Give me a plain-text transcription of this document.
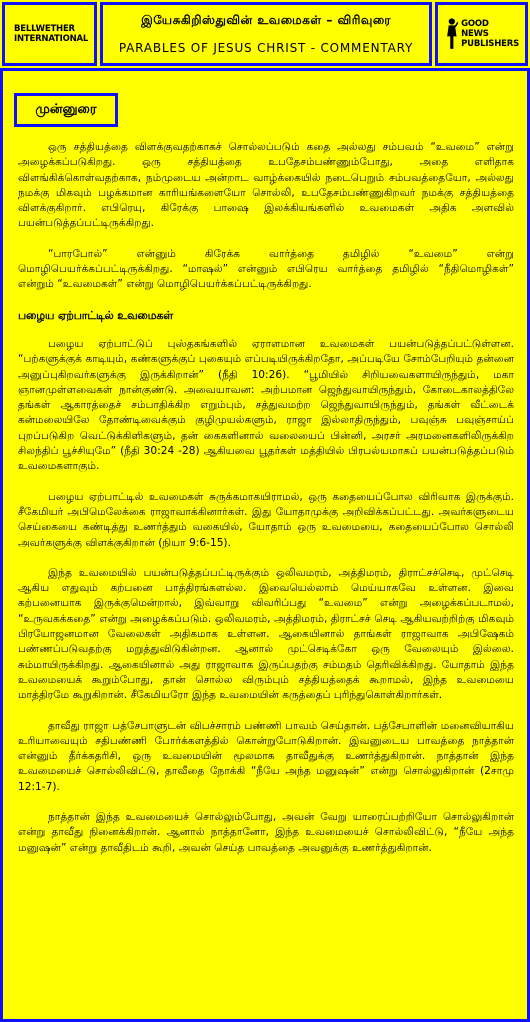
BELLWETHER
INTERNATIONAL
இயேசுகிறிஸ்துவின் உவமைகள் – விரிவுரை
PARABLES OF JESUS CHRIST - COMMENTARY
GOOD NEWS
PUBLISHERS
முன்னுரை

ஒரு சத்தியத்தை விளக்குவதற்காகச் சொல்லப்படும் கதை அல்லது சம்பவம் “உவமை” என்று அழைக்கப்படுகிறது. ஒரு சத்தியத்தை உபதேசம்பண்ணும்போது, அதை எளிதாக விளங்கிக்கொள்வதற்காக, நம்முடைய அன்றாட வாழ்க்கையில் நடைபெறும் சம்பவத்தையோ, அல்லது நமக்கு மிகவும் பழக்கமான காரியங்களையோ சொல்லி, உபதேசம்பண்ணுகிறவர் நமக்கு சத்தியத்தை விளக்குகிறார். எபிரெயு, கிரேக்கு பாஷை இலக்கியங்களில் உவமைகள் அதிக அளவில் பயன்படுத்தப்பட்டிருக்கிறது.

“பாரபோல்” என்னும் கிரேக்க வார்த்தை தமிழில் “உவமை” என்று மொழிபெயர்க்கப்பட்டிருக்கிறது. “மாஷல்” என்னும் எபிரெய வார்த்தை தமிழில் “நீதிமொழிகள்” என்றும் “உவமைகள்” என்று மொழிபெயர்க்கப்பட்டிருக்கிறது.

பழைய ஏற்பாட்டில் உவமைகள்

பழைய ஏற்பாட்டுப் புஸ்தகங்களில் ஏராளமான உவமைகள் பயன்படுத்தப்பட்டுள்ளன. “பற்களுக்குக் காடியும், கண்களுக்குப் புகையும் எப்படியிருக்கிறதோ, அப்படியே சோம்பேறியும் தன்னை அனுப்புகிறவர்களுக்கு இருக்கிறான்” (நீதி 10:26). “பூமியில் சிறியவைகளாயிருந்தும், மகா ஞானமுள்ளவைகள் நான்குண்டு. அவையாவன: அற்பமான ஜெந்துவாயிருந்தும், கோடைகாலத்திலே தங்கள் ஆகாரத்தைச் சம்பாதிக்கிற எறும்பும், சத்துவமற்ற ஜெந்துவாயிருந்தும், தங்கள் வீட்டைக் கன்மலையிலே தோண்டிவைக்கும் குழிமுயல்களும், ராஜா இல்லாதிருந்தும், பவுஞ்சு பவுஞ்சாய்ப் புறப்படுகிற வெட்டுக்கிளிகளும், தன் கைகளினால் வலையைப் பின்னி, அரசர் அரமனைகளிலிருக்கிற சிலந்திப் பூச்சியுமே” (நீதி 30:24 -28) ஆகியவை பூதர்கள் மத்தியில் பிரபல்யமாகப் பயன்படுத்தப்படும் உவமைகளாகும்.

பழைய ஏற்பாட்டில் உவமைகள் சுருக்கமாகயிராமல், ஒரு கதையைப்போல விரிவாக இருக்கும். சீகேமியர் அபிமெலேக்கை ராஜாவாக்கினார்கள். இது யோதாமுக்கு அறிவிக்கப்பட்டது. அவர்களுடைய செய்கையை கண்டித்து உணர்த்தும் வகையில், யோதாம் ஒரு உவமையை, கதையைப்போல சொல்லி அவர்களுக்கு விளக்குகிறான் (நியா 9:6-15).

இந்த உவமையில் பயன்படுத்தப்பட்டிருக்கும் ஒலிவமரம், அத்திமரம், திராட்சச்செடி, முட்செடி ஆகிய எதுவும் கற்பனை பாத்திரங்களல்ல. இவையெல்லாம் மெய்யாகவே உள்ளன. இவை கற்பனையாக இருக்குமென்றால், இவ்வாறு விவரிப்பது “உவமை” என்று அழைக்கப்படாமல், “உருவகக்கதை” என்று அழைக்கப்படும். ஒலிவமரம், அத்திமரம், திராட்சச் செடி ஆகியவற்றிற்கு மிகவும் பிரயோஜனமான வேலைகள் அதிகமாக உள்ளன. ஆகையினால் தாங்கள் ராஜாவாக அபிஷேகம் பண்ணப்படுவதற்கு மறுத்துவிடுகின்றன. ஆனால் முட்செடிக்கோ ஒரு வேலையும் இல்லை. சும்மாயிருக்கிறது. ஆகையினால் அது ராஜாவாக இருப்பதற்கு சம்மதம் தெரிவிக்கிறது. யோதாம் இந்த உவமையைக் கூறும்போது, தான் சொல்ல விரும்பும் சத்தியத்தைக் கூறாமல், இந்த உவமையை மாத்திரமே கூறுகிறான். சீகேமியரோ இந்த உவமையின் கருத்தைப் புரிந்துகொள்கிறார்கள்.

தாவீது ராஜா பத்சேபாளுடன் விபச்சாரம் பண்ணி பாவம் செய்தான். பத்சேபாளின் மனைவியாகிய உரியாவையும் சதிபண்ணி போர்க்களத்தில் கொன்றுபோடுகிறான். இவனுடைய பாவத்தை நாத்தான் என்னும் தீர்க்கதரிசி, ஒரு உவமையின் மூலமாக தாவீதுக்கு உணர்த்துகிறான். நாத்தான் இந்த உவமையைச் சொல்லிவிட்டு, தாவீதை நோக்கி “நீயே அந்த மனுஷன்” என்று சொல்லுகிறான் (2சாமு 12:1-7).

நாத்தான் இந்த உவமையைச் சொல்லும்போது, அவன் வேறு யாரைப்பற்றியோ சொல்லுகிறான் என்று தாவீது நினைக்கிறான். ஆனால் நாத்தானோ, இந்த உவமையைச் சொல்லிவிட்டு, “நீயே அந்த மனுஷன்” என்று தாவீதிடம் கூறி, அவன் செய்த பாவத்தை அவனுக்கு உணர்த்துகிறான்.
